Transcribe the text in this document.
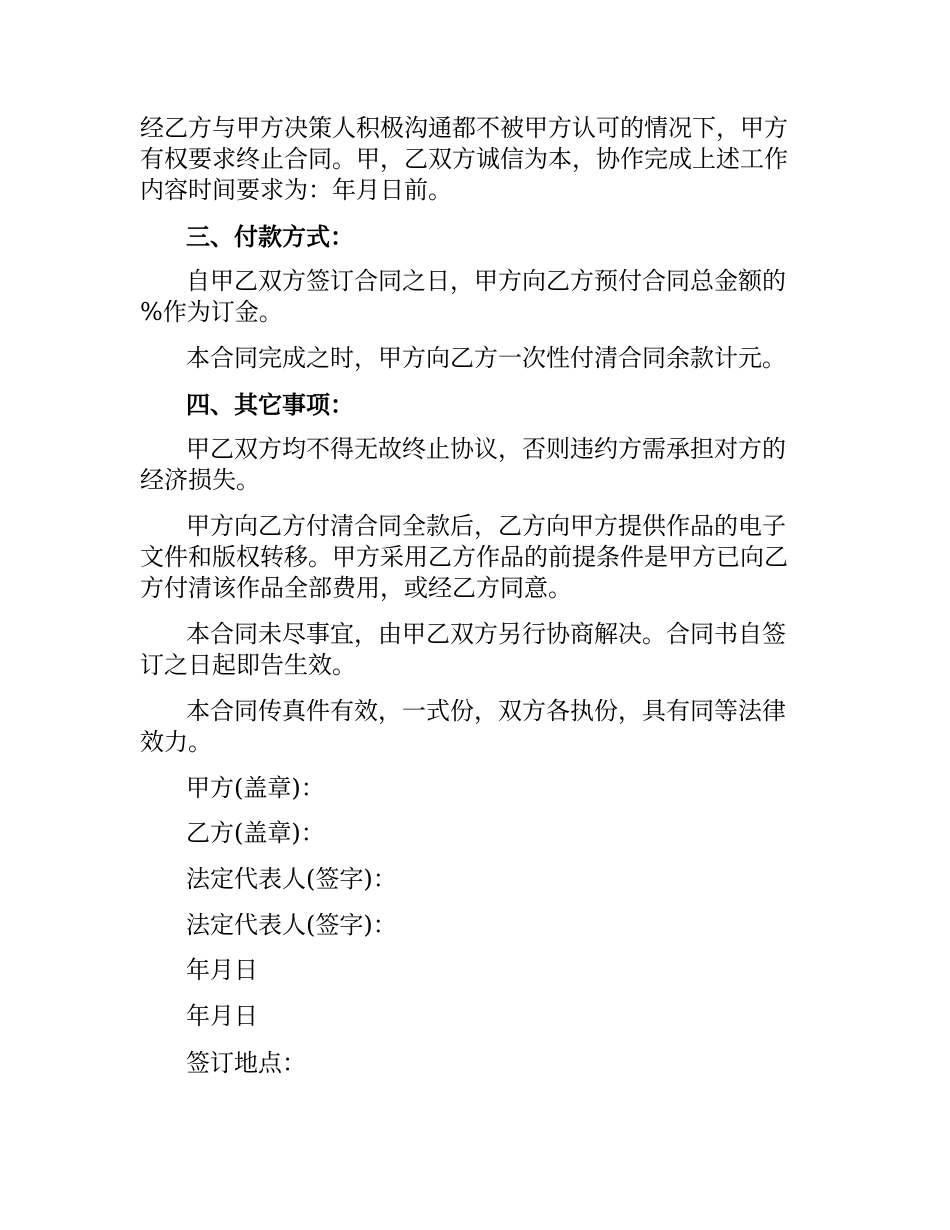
经乙方与甲方决策人积极沟通都不被甲方认可的情况下，甲方
有权要求终止合同。甲，乙双方诚信为本，协作完成上述工作
内容时间要求为：年月日前。

三、付款方式：

自甲乙双方签订合同之日，甲方向乙方预付合同总金额的
%作为订金。

本合同完成之时，甲方向乙方一次性付清合同余款计元。

四、其它事项：

甲乙双方均不得无故终止协议，否则违约方需承担对方的
经济损失。

甲方向乙方付清合同全款后，乙方向甲方提供作品的电子
文件和版权转移。甲方采用乙方作品的前提条件是甲方已向乙
方付清该作品全部费用，或经乙方同意。

本合同未尽事宜，由甲乙双方另行协商解决。合同书自签
订之日起即告生效。

本合同传真件有效，一式份，双方各执份，具有同等法律
效力。

甲方(盖章)：

乙方(盖章)：

法定代表人(签字)：

法定代表人(签字)：

年月日

年月日

签订地点：
